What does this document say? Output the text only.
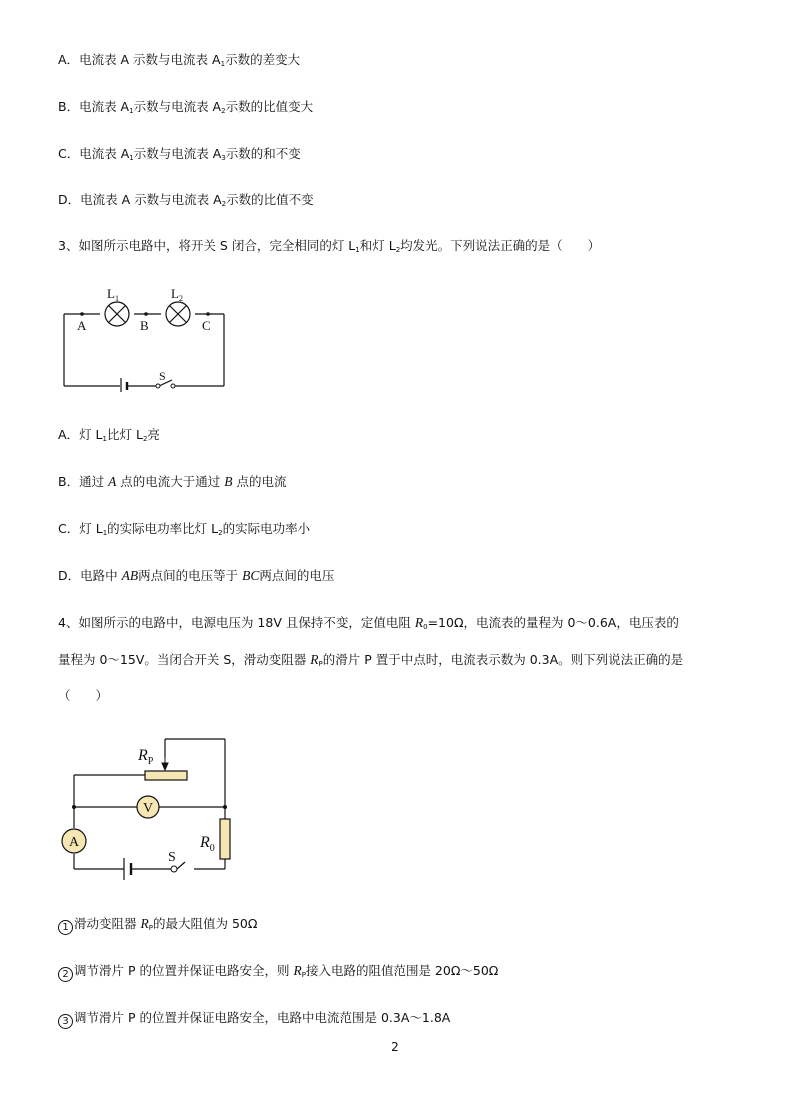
A．电流表 A 示数与电流表 $A_1$示数的差变大
B．电流表 $A_1$示数与电流表 $A_2$示数的比值变大
C．电流表 $A_1$示数与电流表 $A_3$示数的和不变
D．电流表 A 示数与电流表 $A_2$示数的比值不变
3、如图所示电路中，将开关 S 闭合，完全相同的灯 $L_1$和灯 $L_2$均发光。下列说法正确的是（　　）
$L_1$	$L_2$
A	B	C
S
A．灯 $L_1$比灯 $L_2$亮
B．通过 A 点的电流大于通过 B 点的电流
C．灯 $L_1$的实际电功率比灯 $L_2$的实际电功率小
D．电路中 AB两点间的电压等于 BC两点间的电压
4、如图所示的电路中，电源电压为 18V 且保持不变，定值电阻 $R_0=10\Omega$，电流表的量程为 0～0.6A，电压表的
量程为 0～15V。当闭合开关 S，滑动变阻器 $R_P$的滑片 P 置于中点时，电流表示数为 0.3A。则下列说法正确的是
（　　）
$R_P$
V
A	$R_0$
S
1 滑动变阻器 $R_P$的最大阻值为 50Ω
2 调节滑片 P 的位置并保证电路安全，则 $R_P$接入电路的阻值范围是 20Ω～50Ω
3 调节滑片 P 的位置并保证电路安全，电路中电流范围是 0.3A～1.8A
2
